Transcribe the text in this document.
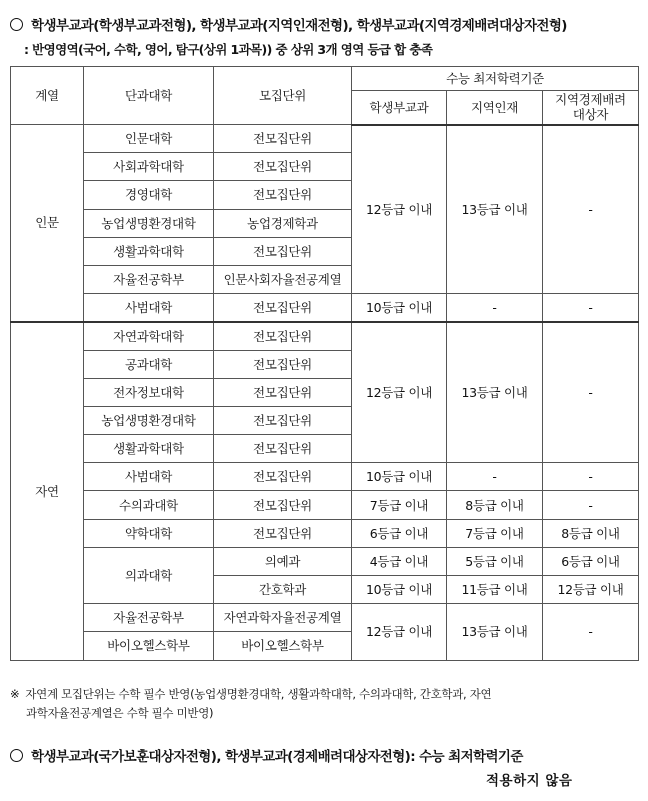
학생부교과(학생부교과전형), 학생부교과(지역인재전형), 학생부교과(지역경제배려대상자전형)
: 반영영역(국어, 수학, 영어, 탐구(상위 1과목)) 중 상위 3개 영역 등급 합 충족
계열	단과대학	모집단위	수능 최저학력기준		
			학생부교과	지역인재	지역경제배려
대상자
인문	인문대학	전모집단위	12등급 이내	13등급 이내	-
	사회과학대학	전모집단위			
	경영대학	전모집단위			
	농업생명환경대학	농업경제학과			
	생활과학대학	전모집단위			
	자율전공학부	인문사회자율전공계열			
	사범대학	전모집단위	10등급 이내	-	-
자연	자연과학대학	전모집단위	12등급 이내	13등급 이내	-
	공과대학	전모집단위			
	전자정보대학	전모집단위			
	농업생명환경대학	전모집단위			
	생활과학대학	전모집단위			
	사범대학	전모집단위	10등급 이내	-	-
	수의과대학	전모집단위	7등급 이내	8등급 이내	-
	약학대학	전모집단위	6등급 이내	7등급 이내	8등급 이내
	의과대학	의예과	4등급 이내	5등급 이내	6등급 이내
		간호학과	10등급 이내	11등급 이내	12등급 이내
	자율전공학부	자연과학자율전공계열	12등급 이내	13등급 이내	-
	바이오헬스학부	바이오헬스학부			
※ 자연계 모집단위는 수학 필수 반영(농업생명환경대학, 생활과학대학, 수의과대학, 간호학과, 자연
과학자율전공계열은 수학 필수 미반영)
학생부교과(국가보훈대상자전형), 학생부교과(경제배려대상자전형): 수능 최저학력기준
적용하지 않음
